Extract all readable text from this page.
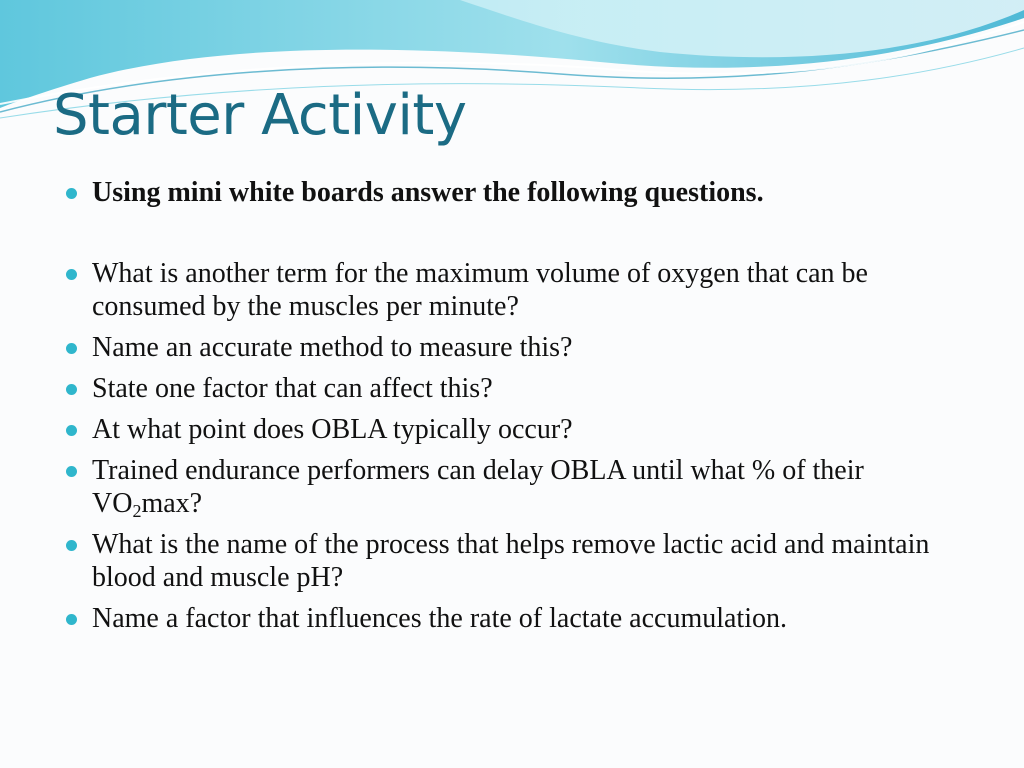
Starter Activity
Using mini white boards answer the following questions.
What is another term for the maximum volume of oxygen that can be consumed by the muscles per minute?
Name an accurate method to measure this?
State one factor that can affect this?
At what point does OBLA typically occur?
Trained endurance performers can delay OBLA until what % of their $VO_2\max$?
What is the name of the process that helps remove lactic acid and maintain blood and muscle pH?
Name a factor that influences the rate of lactate accumulation.
